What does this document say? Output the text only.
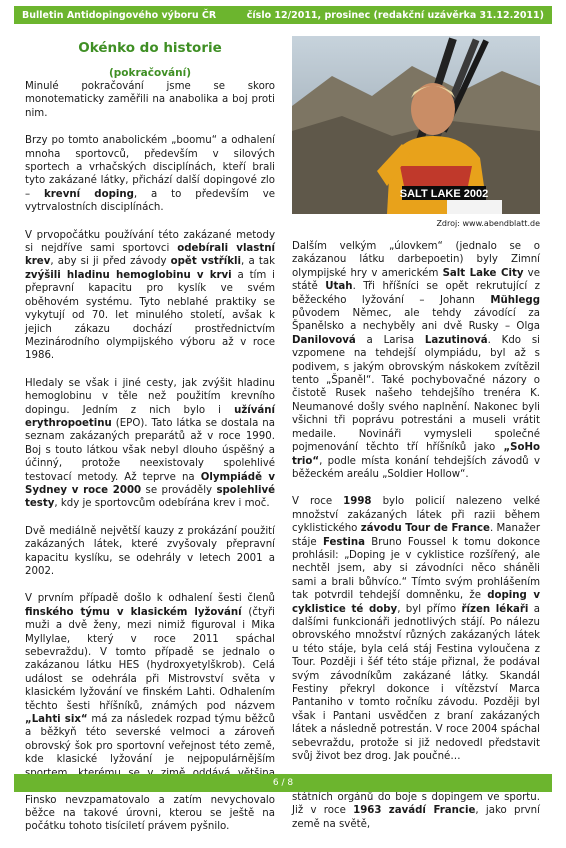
Bulletin Antidopingového výboru ČR	číslo 12/2011, prosinec (redakční uzávěrka 31.12.2011)
Okénko do historie
(pokračování)

Minulé pokračování jsme se skoro monotematicky zaměřili na anabolika a boj proti nim.

Brzy po tomto anabolickém „boomu“ a odhalení mnoha sportovců, především v silových sportech a vrhačských disciplínách, kteří brali tyto zakázané látky, přichází další dopingové zlo – krevní doping, a to především ve vytrvalostních disciplínách.

V prvopočátku používání této zakázané metody si nejdříve sami sportovci odebírali vlastní krev, aby si ji před závody opět vstříkli, a tak zvýšili hladinu hemoglobinu v krvi a tím i přepravní kapacitu pro kyslík ve svém oběhovém systému. Tyto neblahé praktiky se vykytují od 70. let minulého století, avšak k jejich zákazu dochází prostřednictvím Mezinárodního olympijského výboru až v roce 1986.

Hledaly se však i jiné cesty, jak zvýšit hladinu hemoglobinu v těle než použitím krevního dopingu. Jedním z nich bylo i užívání erythropoetinu (EPO). Tato látka se dostala na seznam zakázaných preparátů až v roce 1990. Boj s touto látkou však nebyl dlouho úspěšný a účinný, protože neexistovaly spolehlivé testovací metody. Až teprve na Olympiádě v Sydney v roce 2000 se prováděly spolehlivé testy, kdy je sportovcům odebírána krev i moč.

Dvě mediálně největší kauzy z prokázání použití zakázaných látek, které zvyšovaly přepravní kapacitu kyslíku, se odehrály v letech 2001 a 2002.

V prvním případě došlo k odhalení šesti členů finského týmu v klasickém lyžování (čtyři muži a dvě ženy, mezi nimiž figuroval i Mika Myllylae, který v roce 2011 spáchal sebevraždu). V tomto případě se jednalo o zakázanou látku HES (hydroxyetylškrob). Celá událost se odehrála při Mistrovství světa v klasickém lyžování ve finském Lahti. Odhalením těchto šesti hříšníků, známých pod názvem „Lahti six“ má za následek rozpad týmu běžců a běžkyň této severské velmoci a zároveň obrovský šok pro sportovní veřejnost této země, kde klasické lyžování je nejpopulárnějším Finsko nevzpamatovalo a zatím nevychovalo běžce na takové úrovni, kterou se ještě na počátku tohoto tisíciletí právem pyšnilo.

SALT LAKE 2002
Zdroj: www.abendblatt.de

Dalším velkým „úlovkem“ (jednalo se o zakázanou látku darbepoetin) byly Zimní olympijské hry v americkém Salt Lake City ve státě Utah. Tři hříšníci se opět rekrutující z běžeckého lyžování – Johann Mühlegg původem Němec, ale tehdy závodící za Španělsko a nechyběly ani dvě Rusky – Olga Danilovová a Larisa Lazutinová. Kdo si vzpomene na tehdejší olympiádu, byl až s podivem, s jakým obrovským náskokem zvítězil tento „Španěl“. Také pochybovačné názory o čistotě Rusek našeho tehdejšího trenéra K. Neumanové došly svého naplnění. Nakonec byli všichni tři poprávu potrestáni a museli vrátit medaile. Novináři vymysleli společné pojmenování těchto tří hříšníků jako „SoHo trio“, podle místa konání tehdejších závodů v běžeckém areálu „Soldier Hollow“.

V roce 1998 bylo policií nalezeno velké množství zakázaných látek při razii během cyklistického závodu Tour de France. Manažer stáje Festina Bruno Foussel k tomu dokonce prohlásil: „Doping je v cyklistice rozšířený, ale nechtěl jsem, aby si závodníci něco sháněli sami a brali bůhvíco.“ Tímto svým prohlášením tak potvrdil tehdejší domněnku, že doping v cyklistice té doby, byl přímo řízen lékaři a dalšími funkcionáři jednotlivých stájí. Po nálezu obrovského množství různých zakázaných látek u této stáje, byla celá stáj Festina vyloučena z Tour. Později i šéf této stáje přiznal, že podával svým závodníkům zakázané látky. Skandál Festiny překryl dokonce i vítězství Marca Pantaniho v tomto ročníku závodu. Později byl však i Pantani usvědčen z braní zakázaných látek a následně potrestán. V roce 2004 spáchal sebevraždu, protože si již nedovedl představit svůj život bez drog. Jak poučné…

státních orgánů do boje s dopingem ve sportu. Již v roce 1963 zavádí Francie, jako první země na světě,

6 / 8
